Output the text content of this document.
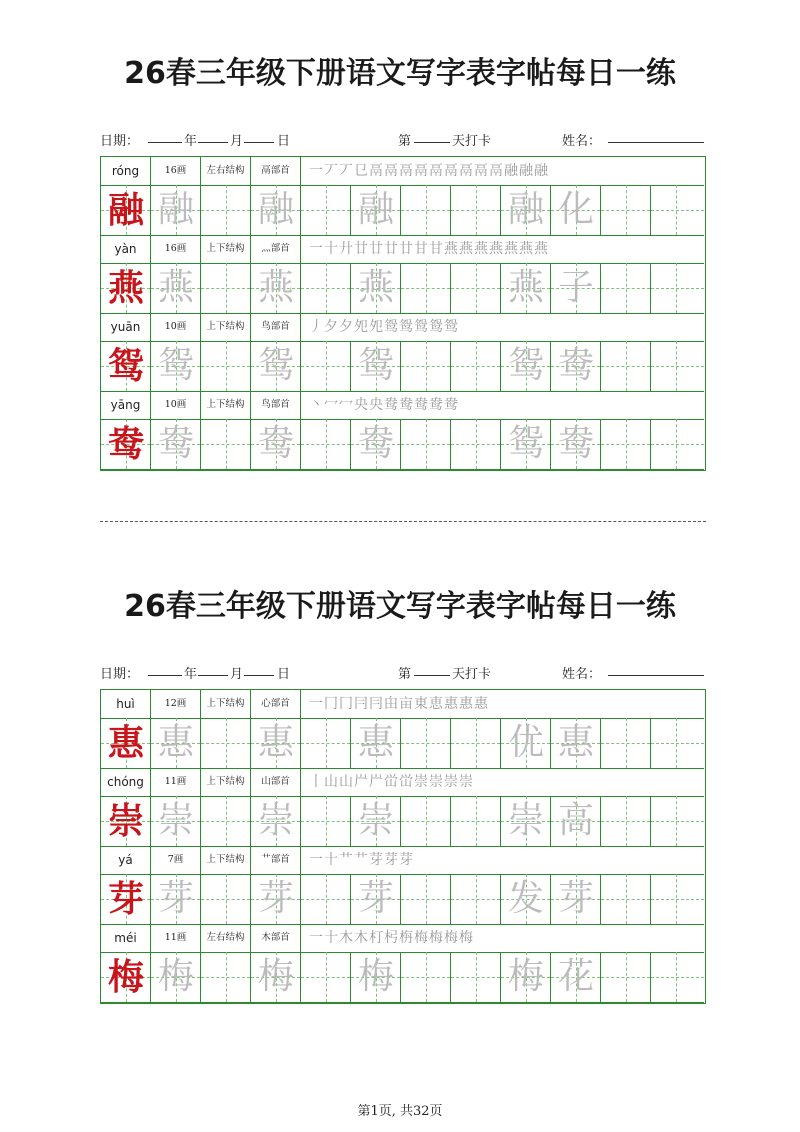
26春三年级下册语文写字表字帖每日一练
日期：	年	月	日	第	天打卡	姓名：
róng	16画	左右结构	鬲部首	一丆丆㔾鬲鬲鬲鬲鬲鬲鬲鬲鬲融融融
融 融 融 融	融 化
yàn	16画	上下结构	灬部首	一十廾廿廿廿廿甘甘燕燕燕燕燕燕燕
燕 燕 燕 燕	燕 子
yuān	10画	上下结构	鸟部首	丿夕夕夗夗鸳鸳鸳鸳鸳
鸳 鸳 鸳 鸳	鸳 鸯
yāng	10画	上下结构	鸟部首	丶冖冖央央鸯鸯鸯鸯鸯
鸯 鸯 鸯 鸯	鸳 鸯
26春三年级下册语文写字表字帖每日一练
日期：	年	月	日	第	天打卡	姓名：
huì	12画	上下结构	心部首	一冂冂冃冃甶亩東恵惠惠惠
惠 惠 惠 惠	优 惠
chóng	11画	上下结构	山部首	丨山山屵屵峃峃崇崇崇崇
崇 崇 崇 崇	崇 高
yá	7画	上下结构	艹部首	一十艹艹芽芽芽
芽 芽 芽 芽	发 芽
méi	11画	左右结构	木部首	一十木木朾杛栴梅梅梅梅
梅 梅 梅 梅	梅 花
第1页, 共32页
